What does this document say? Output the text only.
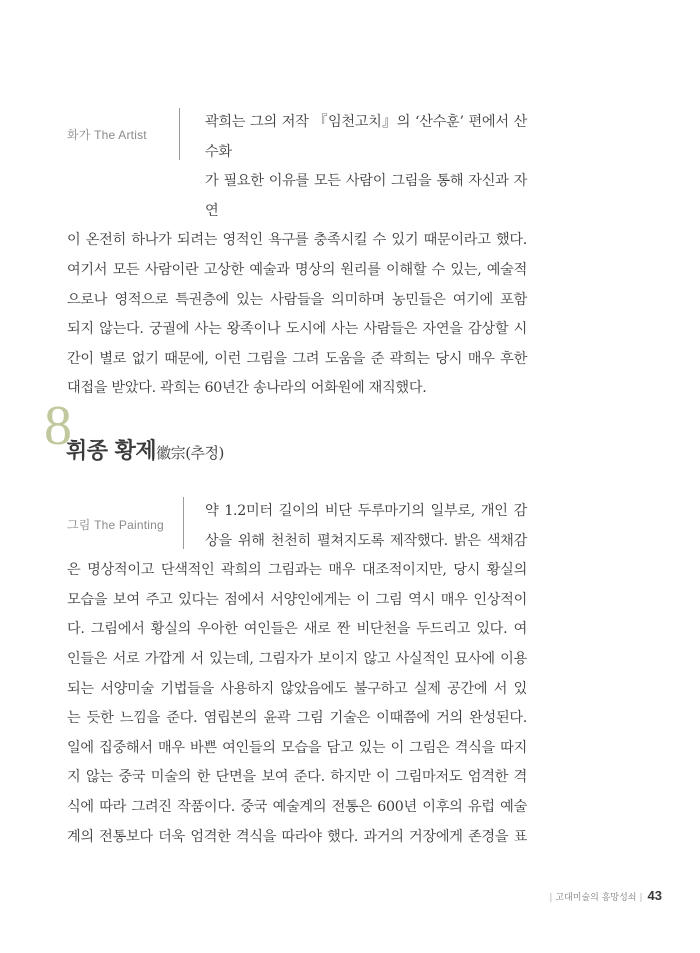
화가 The Artist

곽희는 그의 저작 『임천고치』의 ‘산수훈’ 편에서 산수화

가 필요한 이유를 모든 사람이 그림을 통해 자신과 자연

이 온전히 하나가 되려는 영적인 욕구를 충족시킬 수 있기 때문이라고 했다.

여기서 모든 사람이란 고상한 예술과 명상의 원리를 이해할 수 있는, 예술적

으로나 영적으로 특권층에 있는 사람들을 의미하며 농민들은 여기에 포함

되지 않는다. 궁궐에 사는 왕족이나 도시에 사는 사람들은 자연을 감상할 시

간이 별로 없기 때문에, 이런 그림을 그려 도움을 준 곽희는 당시 매우 후한

대접을 받았다. 곽희는 60년간 송나라의 어화원에 재직했다.

8
휘종 황제徽宗(추정)
그림 The Painting

약 1.2미터 길이의 비단 두루마기의 일부로, 개인 감

상을 위해 천천히 펼쳐지도록 제작했다. 밝은 색채감

은 명상적이고 단색적인 곽희의 그림과는 매우 대조적이지만, 당시 황실의

모습을 보여 주고 있다는 점에서 서양인에게는 이 그림 역시 매우 인상적이

다. 그림에서 황실의 우아한 여인들은 새로 짠 비단천을 두드리고 있다. 여

인들은 서로 가깝게 서 있는데, 그림자가 보이지 않고 사실적인 묘사에 이용

되는 서양미술 기법들을 사용하지 않았음에도 불구하고 실제 공간에 서 있

는 듯한 느낌을 준다. 염립본의 윤곽 그림 기술은 이때쯤에 거의 완성된다.

일에 집중해서 매우 바쁜 여인들의 모습을 담고 있는 이 그림은 격식을 따지

지 않는 중국 미술의 한 단면을 보여 준다. 하지만 이 그림마저도 엄격한 격

식에 따라 그려진 작품이다. 중국 예술계의 전통은 600년 이후의 유럽 예술

계의 전통보다 더욱 엄격한 격식을 따라야 했다. 과거의 거장에게 존경을 표

| 고대미술의 흥망성쇠 | 43
